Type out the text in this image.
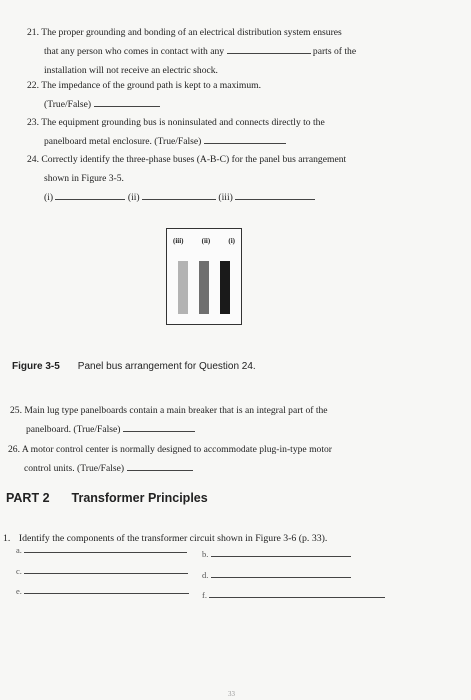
21. The proper grounding and bonding of an electrical distribution system ensures
that any person who comes in contact with any	parts of the
installation will not receive an electric shock.
22. The impedance of the ground path is kept to a maximum.
(True/False)
23. The equipment grounding bus is noninsulated and connects directly to the
panelboard metal enclosure. (True/False)
24. Correctly identify the three-phase buses (A-B-C) for the panel bus arrangement
shown in Figure 3-5.
(i)	(ii)	(iii)
(iii)	(ii)	(i)
Figure 3-5 Panel bus arrangement for Question 24.
25. Main lug type panelboards contain a main breaker that is an integral part of the
panelboard. (True/False)
26. A motor control center is normally designed to accommodate plug-in-type motor
control units. (True/False)
PART 2 Transformer Principles
1. Identify the components of the transformer circuit shown in Figure 3-6 (p. 33).
a.	b.
c.	d.
e.	f.
33
